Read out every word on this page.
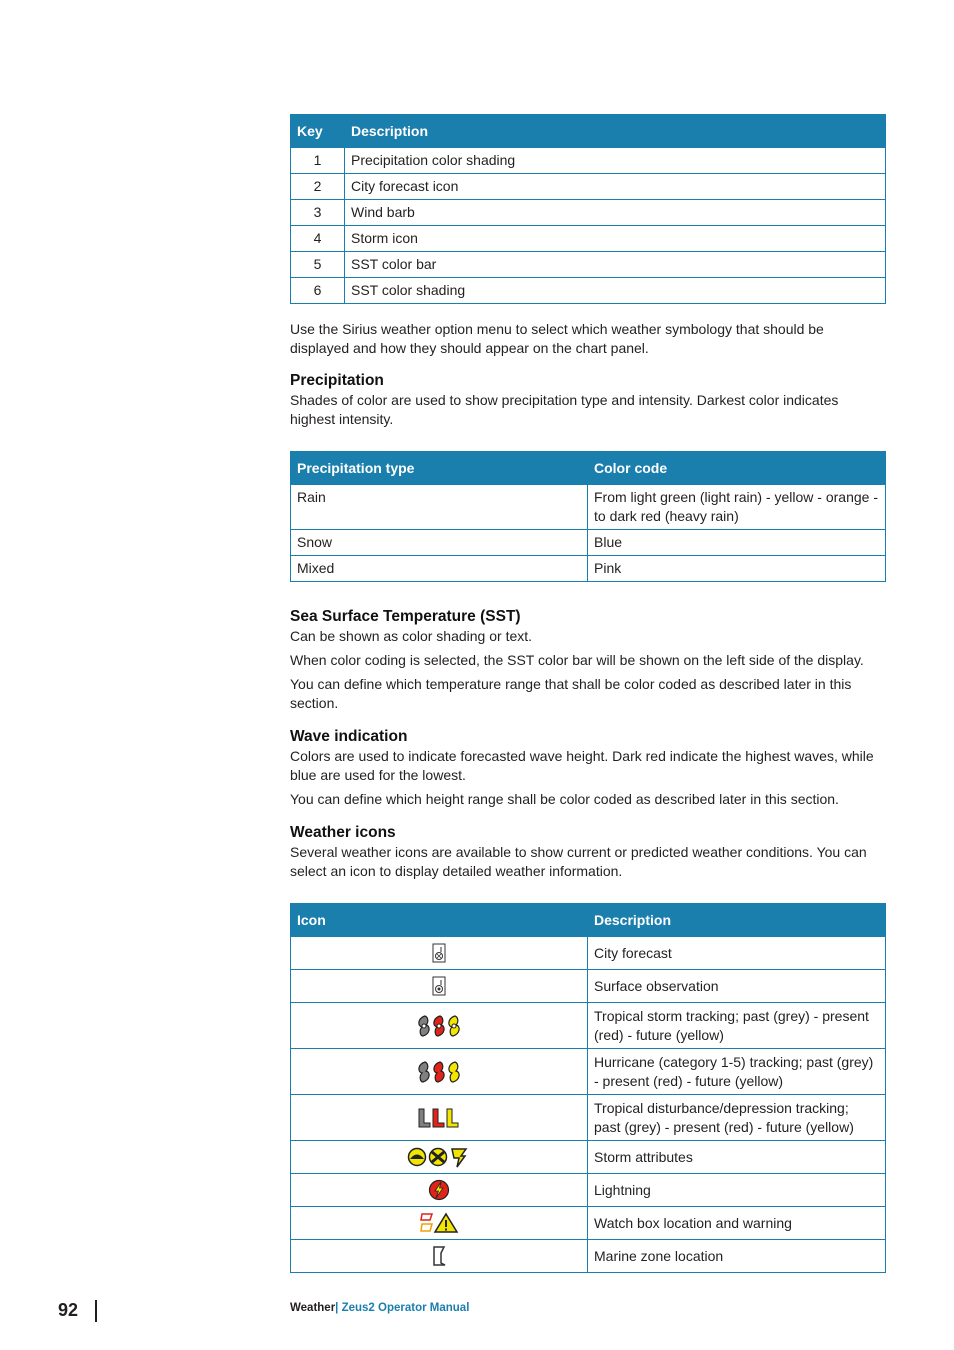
Key	Description
1	Precipitation color shading
2	City forecast icon
3	Wind barb
4	Storm icon
5	SST color bar
6	SST color shading

Use the Sirius weather option menu to select which weather symbology that should be displayed and how they should appear on the chart panel.

Precipitation

Shades of color are used to show precipitation type and intensity. Darkest color indicates highest intensity.

Precipitation type	Color code
Rain	From light green (light rain) - yellow - orange - to dark red (heavy rain)
Snow	Blue
Mixed	Pink
Sea Surface Temperature (SST)

Can be shown as color shading or text.

When color coding is selected, the SST color bar will be shown on the left side of the display.

You can define which temperature range that shall be color coded as described later in this section.

Wave indication

Colors are used to indicate forecasted wave height. Dark red indicate the highest waves, while blue are used for the lowest.

You can define which height range shall be color coded as described later in this section.

Weather icons

Several weather icons are available to show current or predicted weather conditions. You can select an icon to display detailed weather information.

Icon	Description
	City forecast
	Surface observation
	Tropical storm tracking; past (grey) - present (red) - future (yellow)
	Hurricane (category 1-5) tracking; past (grey) - present (red) - future (yellow)
	Tropical disturbance/depression tracking; past (grey) - present (red) - future (yellow)
	Storm attributes
	Lightning
	Watch box location and warning
	Marine zone location
92	Weather| Zeus2 Operator Manual
